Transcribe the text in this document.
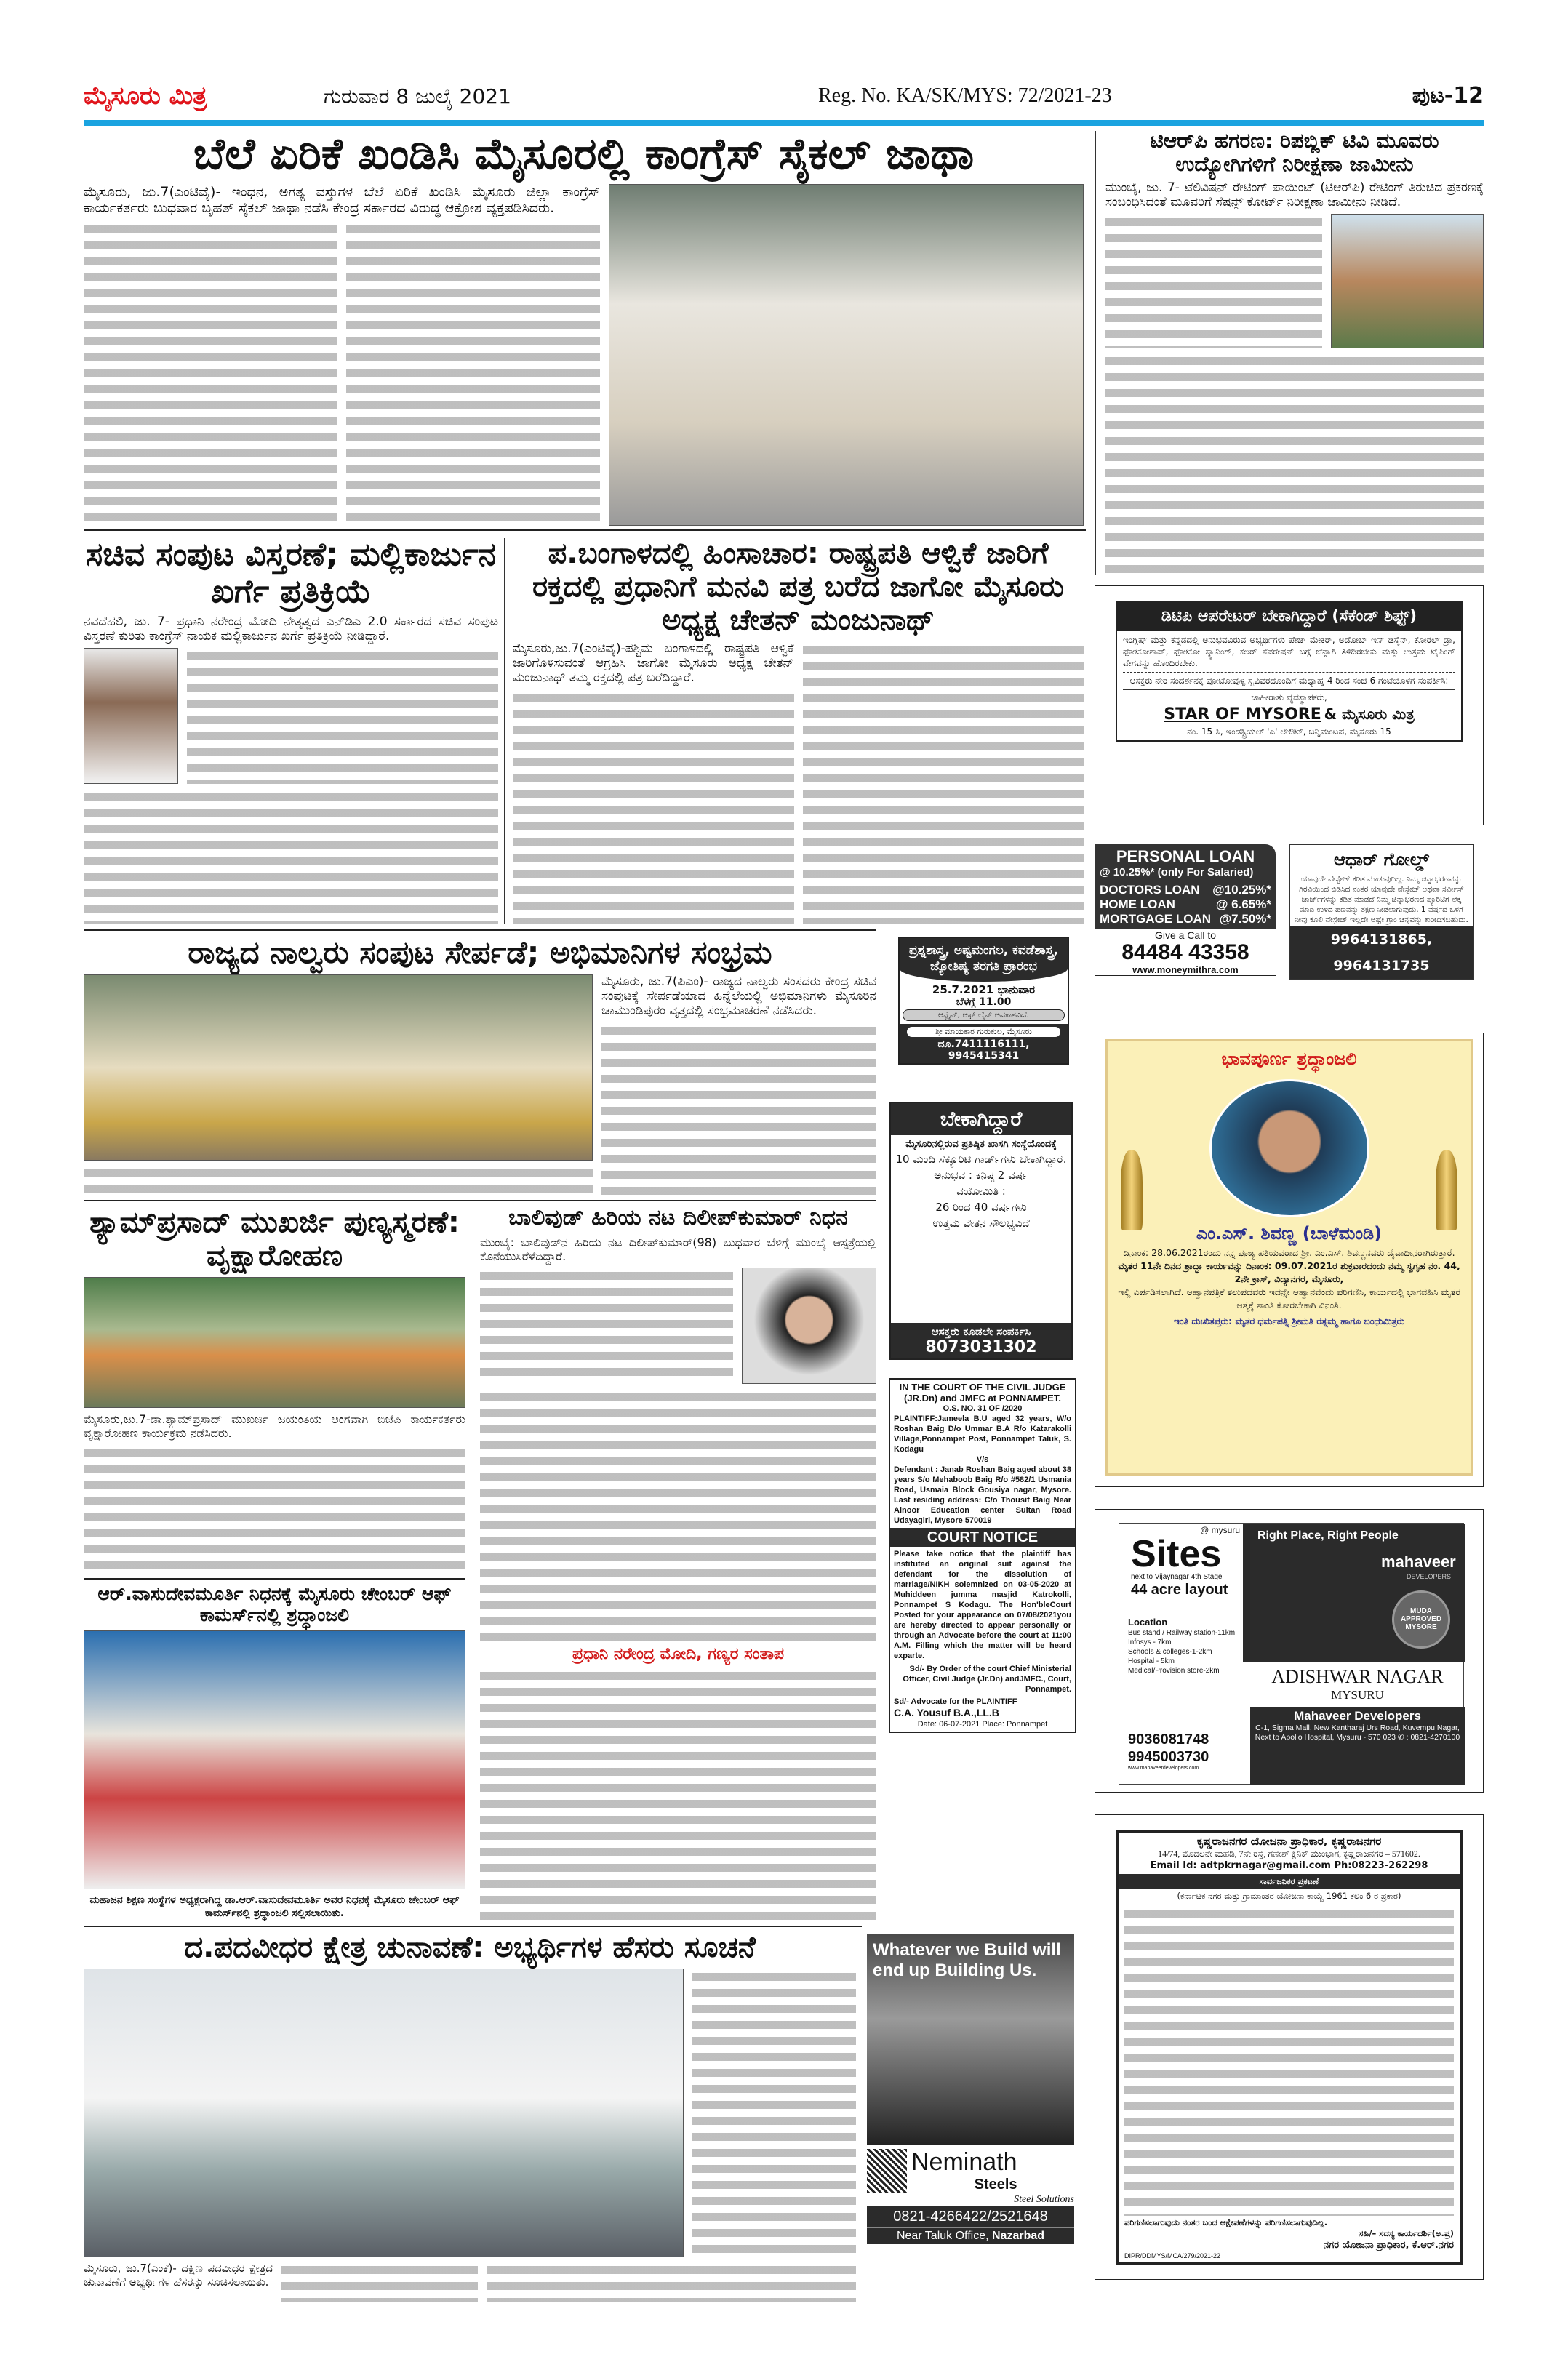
ಮೈಸೂರು ಮಿತ್ರ	ಗುರುವಾರ 8 ಜುಲೈ 2021	Reg. No. KA/SK/MYS: 72/2021-23	ಪುಟ-12
ಬೆಲೆ ಏರಿಕೆ ಖಂಡಿಸಿ ಮೈಸೂರಲ್ಲಿ ಕಾಂಗ್ರೆಸ್ ಸೈಕಲ್ ಜಾಥಾ
ಮೈಸೂರು, ಜು.7(ಎಂಟಿವೈ)- ಇಂಧನ, ಅಗತ್ಯ ವಸ್ತುಗಳ ಬೆಲೆ ಏರಿಕೆ ಖಂಡಿಸಿ ಮೈಸೂರು ಜಿಲ್ಲಾ ಕಾಂಗ್ರೆಸ್ ಕಾರ್ಯಕರ್ತರು ಬುಧವಾರ ಬೃಹತ್ ಸೈಕಲ್ ಜಾಥಾ ನಡೆಸಿ ಕೇಂದ್ರ ಸರ್ಕಾರದ ವಿರುದ್ಧ ಆಕ್ರೋಶ ವ್ಯಕ್ತಪಡಿಸಿದರು.
ಟಿಆರ್‌ಪಿ ಹಗರಣ: ರಿಪಬ್ಲಿಕ್ ಟಿವಿ ಮೂವರು ಉದ್ಯೋಗಿಗಳಿಗೆ ನಿರೀಕ್ಷಣಾ ಜಾಮೀನು
ಮುಂಬೈ, ಜು. 7- ಟೆಲಿವಿಷನ್ ರೇಟಿಂಗ್ ಪಾಯಿಂಟ್ (ಟಿಆರ್‌ಪಿ) ರೇಟಿಂಗ್ ತಿರುಚಿದ ಪ್ರಕರಣಕ್ಕೆ ಸಂಬಂಧಿಸಿದಂತೆ ಮೂವರಿಗೆ ಸೆಷನ್ಸ್ ಕೋರ್ಟ್ ನಿರೀಕ್ಷಣಾ ಜಾಮೀನು ನೀಡಿದೆ.
ಸಚಿವ ಸಂಪುಟ ವಿಸ್ತರಣೆ; ಮಲ್ಲಿಕಾರ್ಜುನ ಖರ್ಗೆ ಪ್ರತಿಕ್ರಿಯೆ
ನವದೆಹಲಿ, ಜು. 7- ಪ್ರಧಾನಿ ನರೇಂದ್ರ ಮೋದಿ ನೇತೃತ್ವದ ಎನ್‌ಡಿಎ 2.0 ಸರ್ಕಾರದ ಸಚಿವ ಸಂಪುಟ ವಿಸ್ತರಣೆ ಕುರಿತು ಕಾಂಗ್ರೆಸ್ ನಾಯಕ ಮಲ್ಲಿಕಾರ್ಜುನ ಖರ್ಗೆ ಪ್ರತಿಕ್ರಿಯೆ ನೀಡಿದ್ದಾರೆ.
ಪ.ಬಂಗಾಳದಲ್ಲಿ ಹಿಂಸಾಚಾರ: ರಾಷ್ಟ್ರಪತಿ ಆಳ್ವಿಕೆ ಜಾರಿಗೆ ರಕ್ತದಲ್ಲಿ ಪ್ರಧಾನಿಗೆ ಮನವಿ ಪತ್ರ ಬರೆದ ಜಾಗೋ ಮೈಸೂರು ಅಧ್ಯಕ್ಷ ಚೇತನ್ ಮಂಜುನಾಥ್
ಮೈಸೂರು,ಜು.7(ಎಂಟಿವೈ)-ಪಶ್ಚಿಮ ಬಂಗಾಳದಲ್ಲಿ ರಾಷ್ಟ್ರಪತಿ ಆಳ್ವಿಕೆ ಜಾರಿಗೊಳಿಸುವಂತೆ ಆಗ್ರಹಿಸಿ ಜಾಗೋ ಮೈಸೂರು ಅಧ್ಯಕ್ಷ ಚೇತನ್ ಮಂಜುನಾಥ್ ತಮ್ಮ ರಕ್ತದಲ್ಲಿ ಪತ್ರ ಬರೆದಿದ್ದಾರೆ.
ಡಿಟಿಪಿ ಆಪರೇಟರ್ ಬೇಕಾಗಿದ್ದಾರೆ (ಸೆಕೆಂಡ್ ಶಿಫ್ಟ್)
ಇಂಗ್ಲಿಷ್ ಮತ್ತು ಕನ್ನಡದಲ್ಲಿ ಅನುಭವವಿರುವ ಅಭ್ಯರ್ಥಿಗಳು ಪೇಜ್ ಮೇಕರ್, ಅಡೋಬ್ ಇನ್ ಡಿಸೈನ್, ಕೋರಲ್ ಡ್ರಾ, ಫೋಟೋಶಾಪ್, ಫೋಟೋ ಸ್ಕ್ಯಾನಿಂಗ್, ಕಲರ್ ಸೆಪರೇಷನ್ ಬಗ್ಗೆ ಚೆನ್ನಾಗಿ ತಿಳಿದಿರಬೇಕು ಮತ್ತು ಉತ್ತಮ ಟೈಪಿಂಗ್ ವೇಗವನ್ನು ಹೊಂದಿರಬೇಕು.
ಆಸಕ್ತರು ನೇರ ಸಂದರ್ಶನಕ್ಕೆ ಫೋಟೋವುಳ್ಳ ಸ್ವವಿವರದೊಂದಿಗೆ ಮಧ್ಯಾಹ್ನ 4 ರಿಂದ ಸಂಜೆ 6 ಗಂಟೆಯೊಳಗೆ ಸಂಪರ್ಕಿಸಿ:
ಜಾಹೀರಾತು ವ್ಯವಸ್ಥಾಪಕರು,
STAR OF MYSORE & ಮೈಸೂರು ಮಿತ್ರ
ನಂ. 15-ಸಿ, ಇಂಡಸ್ಟ್ರಿಯಲ್ 'ಎ' ಲೇಔಟ್, ಬನ್ನಿಮಂಟಪ, ಮೈಸೂರು-15
PERSONAL LOAN
@ 10.25%* (only For Salaried)
DOCTORS LOAN @10.25%*
HOME LOAN	@ 6.65%*
MORTGAGE LOAN @7.50%*
Give a Call to
84484 43358
www.moneymithra.com
ಆಧಾರ್ ಗೋಲ್ಡ್
ಯಾವುದೇ ವೇಸ್ಟೇಜ್ ಕಡಿತ ಮಾಡುವುದಿಲ್ಲ. ನಿಮ್ಮ ಚಿನ್ನಾಭರಣವನ್ನು ಗಿರವಿಯಿಂದ ಬಿಡಿಸಿದ ನಂತರ ಯಾವುದೇ ವೇಸ್ಟೇಜ್ ಅಥವಾ ಸರ್ವೀಸ್ ಚಾರ್ಜ್‌ಗಳನ್ನು ಕಡಿತ ಮಾಡದೆ ನಿಮ್ಮ ಚಿನ್ನಾಭರಣದ ಪ್ಯೂರಿಟಿಗೆ ಲೆಕ್ಕ ಮಾಡಿ ಉಳಿದ ಹಣವನ್ನು ತಕ್ಷಣ ನೀಡಲಾಗುವುದು. 1 ವರ್ಷದ ಒಳಗೆ ನೀವು ಕೂಲಿ ವೇಸ್ಟೇಜ್ ಇಲ್ಲದೇ ಅಷ್ಟೇ ಗ್ರಾಂ ಚಿನ್ನವನ್ನು ಖರೀದಿಸಬಹುದು.
9964131865, 9964131735
ರಾಜ್ಯದ ನಾಲ್ವರು ಸಂಪುಟ ಸೇರ್ಪಡೆ; ಅಭಿಮಾನಿಗಳ ಸಂಭ್ರಮ
ಮೈಸೂರು, ಜು.7(ಪಿಎಂ)- ರಾಜ್ಯದ ನಾಲ್ವರು ಸಂಸದರು ಕೇಂದ್ರ ಸಚಿವ ಸಂಪುಟಕ್ಕೆ ಸೇರ್ಪಡೆಯಾದ ಹಿನ್ನೆಲೆಯಲ್ಲಿ ಅಭಿಮಾನಿಗಳು ಮೈಸೂರಿನ ಚಾಮುಂಡಿಪುರಂ ವೃತ್ತದಲ್ಲಿ ಸಂಭ್ರಮಾಚರಣೆ ನಡೆಸಿದರು.
ಪ್ರಶ್ನಶಾಸ್ತ್ರ, ಅಷ್ಟಮಂಗಲ, ಕವಡೆಶಾಸ್ತ್ರ, ಜ್ಯೋತಿಷ್ಯ ತರಗತಿ ಪ್ರಾರಂಭ
25.7.2021 ಭಾನುವಾರ
ಬೆಳಗ್ಗೆ 11.00
ಆನ್ಲೈನ್, ಆಫ್ ಲೈನ್ ಅವಕಾಶವಿದೆ.
ಶ್ರೀ ಮಾಯಕಾರ ಗುರುಕುಲ, ಮೈಸೂರು
ದೂ.7411116111, 9945415341
ಬೇಕಾಗಿದ್ದಾರೆ
ಮೈಸೂರಿನಲ್ಲಿರುವ ಪ್ರತಿಷ್ಠಿತ ಖಾಸಗಿ ಸಂಸ್ಥೆಯೊಂದಕ್ಕೆ
10 ಮಂದಿ ಸೆಕ್ಯೂರಿಟಿ ಗಾರ್ಡ್‌ಗಳು ಬೇಕಾಗಿದ್ದಾರೆ.
ಅನುಭವ : ಕನಿಷ್ಠ 2 ವರ್ಷ
ವಯೋಮಿತಿ :
26 ರಿಂದ 40 ವರ್ಷಗಳು
ಉತ್ತಮ ವೇತನ ಸೌಲಭ್ಯವಿದೆ
ಆಸಕ್ತರು ಕೂಡಲೇ ಸಂಪರ್ಕಿಸಿ
8073031302
ಭಾವಪೂರ್ಣ ಶ್ರದ್ಧಾಂಜಲಿ
ಎಂ.ಎಸ್. ಶಿವಣ್ಣ (ಬಾಳೆಮಂಡಿ)
ದಿನಾಂಕ: 28.06.2021ರಂದು ನನ್ನ ಪೂಜ್ಯ ಪತಿಯವರಾದ ಶ್ರೀ. ಎಂ.ಎಸ್. ಶಿವಣ್ಣನವರು ದೈವಾಧೀನರಾಗಿರುತ್ತಾರೆ.
ಮೃತರ 11ನೇ ದಿನದ ಶ್ರಾದ್ಧಾ ಕಾರ್ಯವನ್ನು ದಿನಾಂಕ: 09.07.2021ರ ಶುಕ್ರವಾರದಂದು ನಮ್ಮ ಸ್ವಗೃಹ ನಂ. 44, 2ನೇ ಕ್ರಾಸ್, ವಿದ್ಯಾನಗರ, ಮೈಸೂರು,
ಇಲ್ಲಿ ಏರ್ಪಡಿಸಲಾಗಿದೆ. ಆಹ್ವಾನಪತ್ರಿಕೆ ತಲುಪದವರು ಇದನ್ನೇ ಆಹ್ವಾನವೆಂದು ಪರಿಗಣಿಸಿ, ಕಾರ್ಯದಲ್ಲಿ ಭಾಗವಹಿಸಿ ಮೃತರ ಆತ್ಮಕ್ಕೆ ಶಾಂತಿ ಕೋರಬೇಕಾಗಿ ವಿನಂತಿ.
ಇಂತಿ ದುಃಖಿತಪ್ತರು: ಮೃತರ ಧರ್ಮಪತ್ನಿ ಶ್ರೀಮತಿ ರತ್ನಮ್ಮ ಹಾಗೂ ಬಂಧುಮಿತ್ರರು
ಶ್ಯಾಮ್‌ಪ್ರಸಾದ್ ಮುಖರ್ಜಿ ಪುಣ್ಯಸ್ಮರಣೆ: ವೃಕ್ಷಾರೋಹಣ
ಮೈಸೂರು,ಜು.7-ಡಾ.ಶ್ಯಾಮ್‌ಪ್ರಸಾದ್ ಮುಖರ್ಜಿ ಜಯಂತಿಯ ಅಂಗವಾಗಿ ಬಿಜೆಪಿ ಕಾರ್ಯಕರ್ತರು ವೃಕ್ಷಾರೋಹಣ ಕಾರ್ಯಕ್ರಮ ನಡೆಸಿದರು.
ಬಾಲಿವುಡ್ ಹಿರಿಯ ನಟ ದಿಲೀಪ್‌ಕುಮಾರ್ ನಿಧನ
ಮುಂಬೈ: ಬಾಲಿವುಡ್‌ನ ಹಿರಿಯ ನಟ ದಿಲೀಪ್‌ಕುಮಾರ್(98) ಬುಧವಾರ ಬೆಳಿಗ್ಗೆ ಮುಂಬೈ ಆಸ್ಪತ್ರೆಯಲ್ಲಿ ಕೊನೆಯುಸಿರೆಳೆದಿದ್ದಾರೆ.
ಪ್ರಧಾನಿ ನರೇಂದ್ರ ಮೋದಿ, ಗಣ್ಯರ ಸಂತಾಪ
ಆರ್.ವಾಸುದೇವಮೂರ್ತಿ ನಿಧನಕ್ಕೆ ಮೈಸೂರು ಚೇಂಬರ್ ಆಫ್ ಕಾಮರ್ಸ್‌ನಲ್ಲಿ ಶ್ರದ್ಧಾಂಜಲಿ
ಮಹಾಜನ ಶಿಕ್ಷಣ ಸಂಸ್ಥೆಗಳ ಅಧ್ಯಕ್ಷರಾಗಿದ್ದ ಡಾ.ಆರ್.ವಾಸುದೇವಮೂರ್ತಿ ಅವರ ನಿಧನಕ್ಕೆ ಮೈಸೂರು ಚೇಂಬರ್ ಆಫ್ ಕಾಮರ್ಸ್‌ನಲ್ಲಿ ಶ್ರದ್ಧಾಂಜಲಿ ಸಲ್ಲಿಸಲಾಯಿತು.
IN THE COURT OF THE CIVIL JUDGE (JR.Dn) and JMFC at PONNAMPET.
O.S. NO. 31 OF /2020
PLAINTIFF:Jameela B.U aged 32 years, W/o Roshan Baig D/o Ummar B.A R/o Katarakolli Village,Ponnampet Post, Ponnampet Taluk, S. Kodagu
V/s
Defendant : Janab Roshan Baig aged about 38 years S/o Mehaboob Baig R/o #582/1 Usmania Road, Usmaia Block Gousiya nagar, Mysore. Last residing address: C/o Thousif Baig Near Alnoor Education center Sultan Road Udayagiri, Mysore 570019
COURT NOTICE
Please take notice that the plaintiff has instituted an original suit against the defendant for the dissolution of marriage/NIKH solemnized on 03-05-2020 at Muhiddeen jumma masjid Katrokolli, Ponnampet S Kodagu. The Hon'bleCourt Posted for your appearance on 07/08/2021you are hereby directed to appear personally or through an Advocate before the court at 11:00 A.M. Filling which the matter will be heard exparte.
Sd/- By Order of the court Chief Ministerial Officer, Civil Judge (Jr.Dn) andJMFC., Court, Ponnampet.
Sd/- Advocate for the PLAINTIFF
C.A. Yousuf B.A.,LL.B
Date: 06-07-2021 Place: Ponnampet
@ mysuru
Sites
next to Vijaynagar 4th Stage
44 acre layout
Right Place, Right People
mahaveer
DEVELOPERS
MUDA APPROVED MYSORE
Location
Bus stand / Railway station-11km.
Infosys - 7km
Schools & colleges-1-2km
Hospital - 5km
Medical/Provision store-2km	ADISHWAR NAGAR
MYSURU
9036081748
9945003730
www.mahaveerdevelopers.com
Mahaveer Developers
C-1, Sigma Mall, New Kantharaj Urs Road, Kuvempu Nagar, Next to Apollo Hospital, Mysuru - 570 023 ✆ : 0821-4270100
ಕೃಷ್ಣರಾಜನಗರ ಯೋಜನಾ ಪ್ರಾಧಿಕಾರ, ಕೃಷ್ಣರಾಜನಗರ
14/74, ಮೊದಲನೇ ಮಹಡಿ, 7ನೇ ರಸ್ತೆ, ಗಣೇಶ್ ಕ್ಲಿನಿಕ್ ಮುಂಭಾಗ, ಕೃಷ್ಣರಾಜನಗರ – 571602.
Email Id: adtpkrnagar@gmail.com Ph:08223-262298
ಸಾರ್ವಜನಿಕರ ಪ್ರಕಟಣೆ
(ಕರ್ನಾಟಕ ನಗರ ಮತ್ತು ಗ್ರಾಮಾಂತರ ಯೋಜನಾ ಕಾಯ್ದೆ 1961 ಕಲಂ 6 ರ ಪ್ರಕಾರ)
ಪರಿಗಣಿಸಲಾಗುವುದು ನಂತರ ಬಂದ ಆಕ್ಷೇಪಣೆಗಳನ್ನು ಪರಿಗಣಿಸಲಾಗುವುದಿಲ್ಲ.
ಸಹಿ/– ಸದಸ್ಯ ಕಾರ್ಯದರ್ಶಿ(ಅ.ಪ್ರ)
ನಗರ ಯೋಜನಾ ಪ್ರಾಧಿಕಾರ, ಕೆ.ಆರ್.ನಗರ
DIPR/DDMYS/MCA/279/2021-22
ದ.ಪದವೀಧರ ಕ್ಷೇತ್ರ ಚುನಾವಣೆ: ಅಭ್ಯರ್ಥಿಗಳ ಹೆಸರು ಸೂಚನೆ
ಮೈಸೂರು, ಜು.7(ಎಂಕೆ)- ದಕ್ಷಿಣ ಪದವೀಧರ ಕ್ಷೇತ್ರದ ಚುನಾವಣೆಗೆ ಅಭ್ಯರ್ಥಿಗಳ ಹೆಸರನ್ನು ಸೂಚಿಸಲಾಯಿತು.
Whatever we Build will end up Building Us.
Neminath
Steels
Steel Solutions
0821-4266422/2521648
Near Taluk Office, Nazarbad
